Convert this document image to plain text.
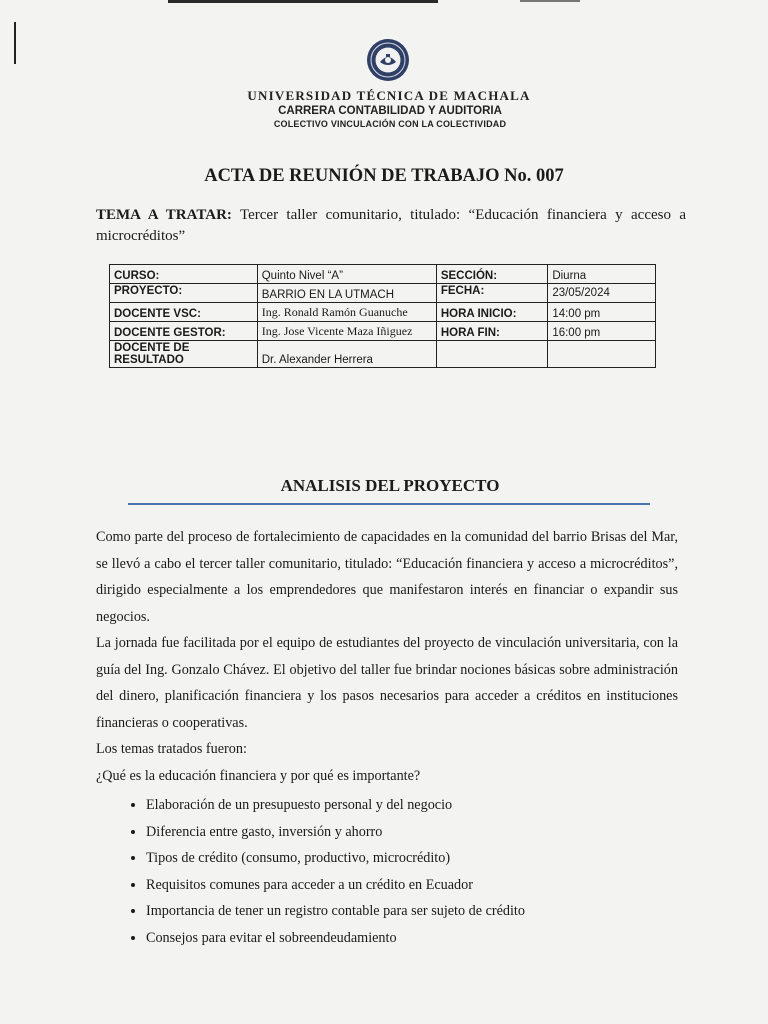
UNIVERSIDAD TÉCNICA DE MACHALA
CARRERA CONTABILIDAD Y AUDITORIA
COLECTIVO VINCULACIÓN CON LA COLECTIVIDAD
ACTA DE REUNIÓN DE TRABAJO No. 007
TEMA A TRATAR: Tercer taller comunitario, titulado: “Educación financiera y acceso a microcréditos”
CURSO:	Quinto Nivel “A”	SECCIÓN:	Diurna
PROYECTO:	BARRIO EN LA UTMACH	FECHA:	23/05/2024
DOCENTE VSC:	Ing. Ronald Ramón Guanuche	HORA INICIO:	14:00 pm
DOCENTE GESTOR:	Ing. Jose Vicente Maza Iñiguez	HORA FIN:	16:00 pm
DOCENTE DE RESULTADO	Dr. Alexander Herrera		
ANALISIS DEL PROYECTO

Como parte del proceso de fortalecimiento de capacidades en la comunidad del barrio Brisas del Mar, se llevó a cabo el tercer taller comunitario, titulado: “Educación financiera y acceso a microcréditos”, dirigido especialmente a los emprendedores que manifestaron interés en financiar o expandir sus negocios.

La jornada fue facilitada por el equipo de estudiantes del proyecto de vinculación universitaria, con la guía del Ing. Gonzalo Chávez. El objetivo del taller fue brindar nociones básicas sobre administración del dinero, planificación financiera y los pasos necesarios para acceder a créditos en instituciones financieras o cooperativas.

Los temas tratados fueron:
¿Qué es la educación financiera y por qué es importante?
• Elaboración de un presupuesto personal y del negocio
• Diferencia entre gasto, inversión y ahorro
• Tipos de crédito (consumo, productivo, microcrédito)
• Requisitos comunes para acceder a un crédito en Ecuador
• Importancia de tener un registro contable para ser sujeto de crédito
• Consejos para evitar el sobreendeudamiento
